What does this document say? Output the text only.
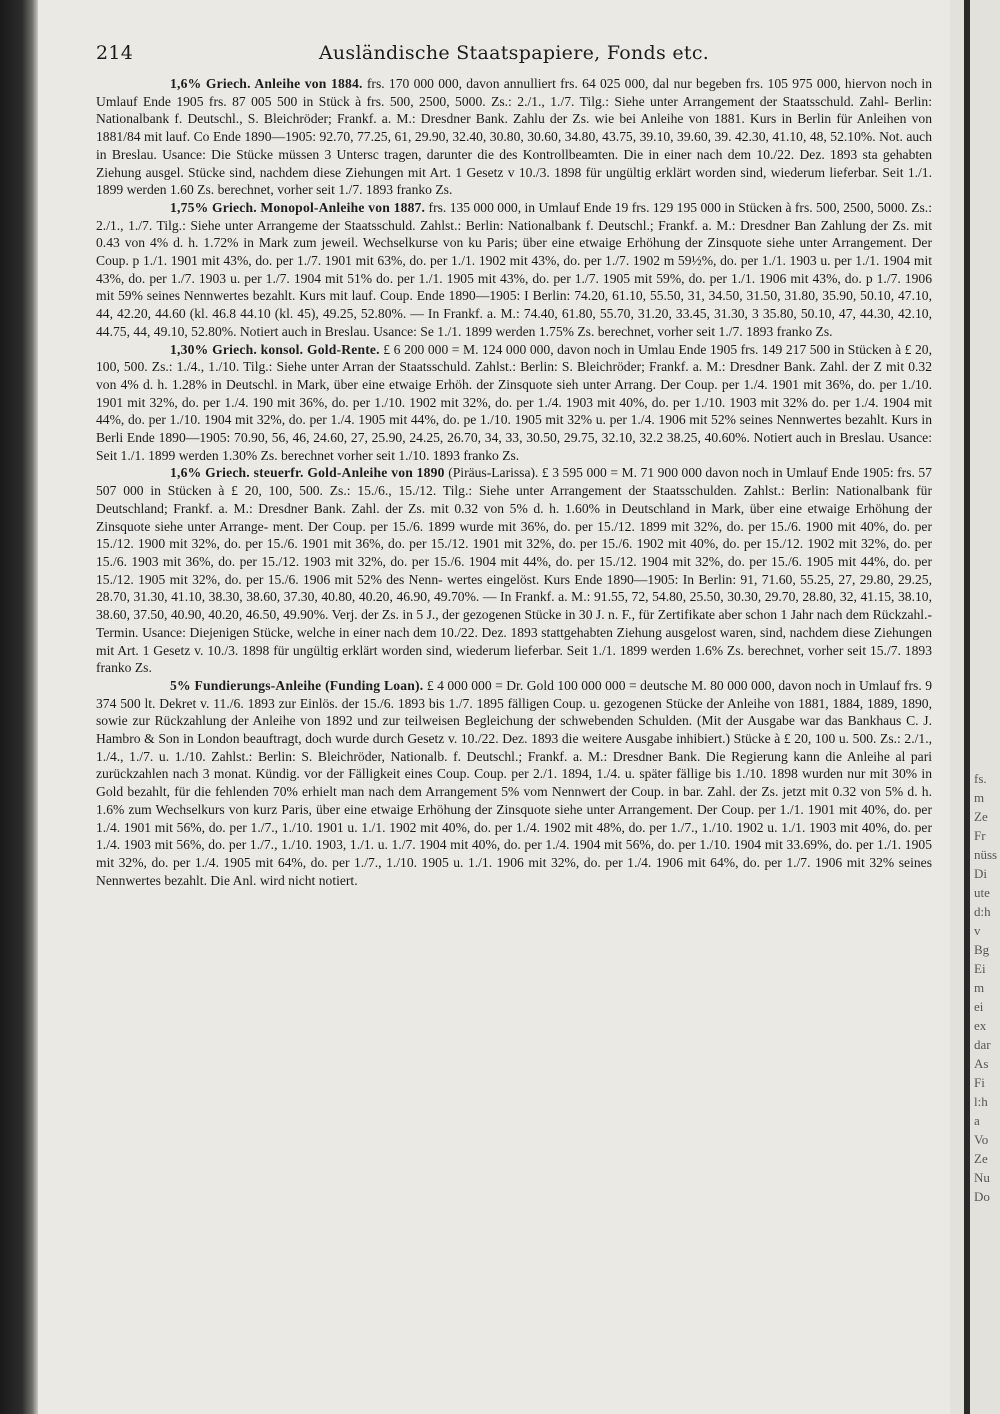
fs.
m
Ze
Fr
nüss
Di
ute
d:h
v
Bg
Ei
m
ei
ex
dar
As
Fi
l:h
a
Vo
Ze
Nu
Do
214	Ausländische Staatspapiere, Fonds etc.

1,6% Griech. Anleihe von 1884. frs. 170 000 000, davon annulliert frs. 64 025 000, dal nur begeben frs. 105 975 000, hiervon noch in Umlauf Ende 1905 frs. 87 005 500 in Stück à frs. 500, 2500, 5000. Zs.: 2./1., 1./7. Tilg.: Siehe unter Arrangement der Staatsschuld. Zahl- Berlin: Nationalbank f. Deutschl., S. Bleichröder; Frankf. a. M.: Dresdner Bank. Zahlu der Zs. wie bei Anleihe von 1881. Kurs in Berlin für Anleihen von 1881/84 mit lauf. Co Ende 1890—1905: 92.70, 77.25, 61, 29.90, 32.40, 30.80, 30.60, 34.80, 43.75, 39.10, 39.60, 39. 42.30, 41.10, 48, 52.10%. Not. auch in Breslau. Usance: Die Stücke müssen 3 Untersc tragen, darunter die des Kontrollbeamten. Die in einer nach dem 10./22. Dez. 1893 sta gehabten Ziehung ausgel. Stücke sind, nachdem diese Ziehungen mit Art. 1 Gesetz v 10./3. 1898 für ungültig erklärt worden sind, wiederum lieferbar. Seit 1./1. 1899 werden 1.60 Zs. berechnet, vorher seit 1./7. 1893 franko Zs.

1,75% Griech. Monopol-Anleihe von 1887. frs. 135 000 000, in Umlauf Ende 19 frs. 129 195 000 in Stücken à frs. 500, 2500, 5000. Zs.: 2./1., 1./7. Tilg.: Siehe unter Arrangeme der Staatsschuld. Zahlst.: Berlin: Nationalbank f. Deutschl.; Frankf. a. M.: Dresdner Ban Zahlung der Zs. mit 0.43 von 4% d. h. 1.72% in Mark zum jeweil. Wechselkurse von ku Paris; über eine etwaige Erhöhung der Zinsquote siehe unter Arrangement. Der Coup. p 1./1. 1901 mit 43%, do. per 1./7. 1901 mit 63%, do. per 1./1. 1902 mit 43%, do. per 1./7. 1902 m 59½%, do. per 1./1. 1903 u. per 1./1. 1904 mit 43%, do. per 1./7. 1903 u. per 1./7. 1904 mit 51% do. per 1./1. 1905 mit 43%, do. per 1./7. 1905 mit 59%, do. per 1./1. 1906 mit 43%, do. p 1./7. 1906 mit 59% seines Nennwertes bezahlt. Kurs mit lauf. Coup. Ende 1890—1905: I Berlin: 74.20, 61.10, 55.50, 31, 34.50, 31.50, 31.80, 35.90, 50.10, 47.10, 44, 42.20, 44.60 (kl. 46.8 44.10 (kl. 45), 49.25, 52.80%. — In Frankf. a. M.: 74.40, 61.80, 55.70, 31.20, 33.45, 31.30, 3 35.80, 50.10, 47, 44.30, 42.10, 44.75, 44, 49.10, 52.80%. Notiert auch in Breslau. Usance: Se 1./1. 1899 werden 1.75% Zs. berechnet, vorher seit 1./7. 1893 franko Zs.

1,30% Griech. konsol. Gold-Rente. £ 6 200 000 = M. 124 000 000, davon noch in Umlau Ende 1905 frs. 149 217 500 in Stücken à £ 20, 100, 500. Zs.: 1./4., 1./10. Tilg.: Siehe unter Arran der Staatsschuld. Zahlst.: Berlin: S. Bleichröder; Frankf. a. M.: Dresdner Bank. Zahl. der Z mit 0.32 von 4% d. h. 1.28% in Deutschl. in Mark, über eine etwaige Erhöh. der Zinsquote sieh unter Arrang. Der Coup. per 1./4. 1901 mit 36%, do. per 1./10. 1901 mit 32%, do. per 1./4. 190 mit 36%, do. per 1./10. 1902 mit 32%, do. per 1./4. 1903 mit 40%, do. per 1./10. 1903 mit 32% do. per 1./4. 1904 mit 44%, do. per 1./10. 1904 mit 32%, do. per 1./4. 1905 mit 44%, do. pe 1./10. 1905 mit 32% u. per 1./4. 1906 mit 52% seines Nennwertes bezahlt. Kurs in Berli Ende 1890—1905: 70.90, 56, 46, 24.60, 27, 25.90, 24.25, 26.70, 34, 33, 30.50, 29.75, 32.10, 32.2 38.25, 40.60%. Notiert auch in Breslau. Usance: Seit 1./1. 1899 werden 1.30% Zs. berechnet vorher seit 1./10. 1893 franko Zs.

1,6% Griech. steuerfr. Gold-Anleihe von 1890 (Piräus-Larissa). £ 3 595 000 = M. 71 900 000 davon noch in Umlauf Ende 1905: frs. 57 507 000 in Stücken à £ 20, 100, 500. Zs.: 15./6., 15./12. Tilg.: Siehe unter Arrangement der Staatsschulden. Zahlst.: Berlin: Nationalbank für Deutschland; Frankf. a. M.: Dresdner Bank. Zahl. der Zs. mit 0.32 von 5% d. h. 1.60% in Deutschland in Mark, über eine etwaige Erhöhung der Zinsquote siehe unter Arrange- ment. Der Coup. per 15./6. 1899 wurde mit 36%, do. per 15./12. 1899 mit 32%, do. per 15./6. 1900 mit 40%, do. per 15./12. 1900 mit 32%, do. per 15./6. 1901 mit 36%, do. per 15./12. 1901 mit 32%, do. per 15./6. 1902 mit 40%, do. per 15./12. 1902 mit 32%, do. per 15./6. 1903 mit 36%, do. per 15./12. 1903 mit 32%, do. per 15./6. 1904 mit 44%, do. per 15./12. 1904 mit 32%, do. per 15./6. 1905 mit 44%, do. per 15./12. 1905 mit 32%, do. per 15./6. 1906 mit 52% des Nenn- wertes eingelöst. Kurs Ende 1890—1905: In Berlin: 91, 71.60, 55.25, 27, 29.80, 29.25, 28.70, 31.30, 41.10, 38.30, 38.60, 37.30, 40.80, 40.20, 46.90, 49.70%. — In Frankf. a. M.: 91.55, 72, 54.80, 25.50, 30.30, 29.70, 28.80, 32, 41.15, 38.10, 38.60, 37.50, 40.90, 40.20, 46.50, 49.90%. Verj. der Zs. in 5 J., der gezogenen Stücke in 30 J. n. F., für Zertifikate aber schon 1 Jahr nach dem Rückzahl.-Termin. Usance: Diejenigen Stücke, welche in einer nach dem 10./22. Dez. 1893 stattgehabten Ziehung ausgelost waren, sind, nachdem diese Ziehungen mit Art. 1 Gesetz v. 10./3. 1898 für ungültig erklärt worden sind, wiederum lieferbar. Seit 1./1. 1899 werden 1.6% Zs. berechnet, vorher seit 15./7. 1893 franko Zs.

5% Fundierungs-Anleihe (Funding Loan). £ 4 000 000 = Dr. Gold 100 000 000 = deutsche M. 80 000 000, davon noch in Umlauf frs. 9 374 500 lt. Dekret v. 11./6. 1893 zur Einlös. der 15./6. 1893 bis 1./7. 1895 fälligen Coup. u. gezogenen Stücke der Anleihe von 1881, 1884, 1889, 1890, sowie zur Rückzahlung der Anleihe von 1892 und zur teilweisen Begleichung der schwebenden Schulden. (Mit der Ausgabe war das Bankhaus C. J. Hambro & Son in London beauftragt, doch wurde durch Gesetz v. 10./22. Dez. 1893 die weitere Ausgabe inhibiert.) Stücke à £ 20, 100 u. 500. Zs.: 2./1., 1./4., 1./7. u. 1./10. Zahlst.: Berlin: S. Bleichröder, Nationalb. f. Deutschl.; Frankf. a. M.: Dresdner Bank. Die Regierung kann die Anleihe al pari zurückzahlen nach 3 monat. Kündig. vor der Fälligkeit eines Coup. Coup. per 2./1. 1894, 1./4. u. später fällige bis 1./10. 1898 wurden nur mit 30% in Gold bezahlt, für die fehlenden 70% erhielt man nach dem Arrangement 5% vom Nennwert der Coup. in bar. Zahl. der Zs. jetzt mit 0.32 von 5% d. h. 1.6% zum Wechselkurs von kurz Paris, über eine etwaige Erhöhung der Zinsquote siehe unter Arrangement. Der Coup. per 1./1. 1901 mit 40%, do. per 1./4. 1901 mit 56%, do. per 1./7., 1./10. 1901 u. 1./1. 1902 mit 40%, do. per 1./4. 1902 mit 48%, do. per 1./7., 1./10. 1902 u. 1./1. 1903 mit 40%, do. per 1./4. 1903 mit 56%, do. per 1./7., 1./10. 1903, 1./1. u. 1./7. 1904 mit 40%, do. per 1./4. 1904 mit 56%, do. per 1./10. 1904 mit 33.69%, do. per 1./1. 1905 mit 32%, do. per 1./4. 1905 mit 64%, do. per 1./7., 1./10. 1905 u. 1./1. 1906 mit 32%, do. per 1./4. 1906 mit 64%, do. per 1./7. 1906 mit 32% seines Nennwertes bezahlt. Die Anl. wird nicht notiert.
